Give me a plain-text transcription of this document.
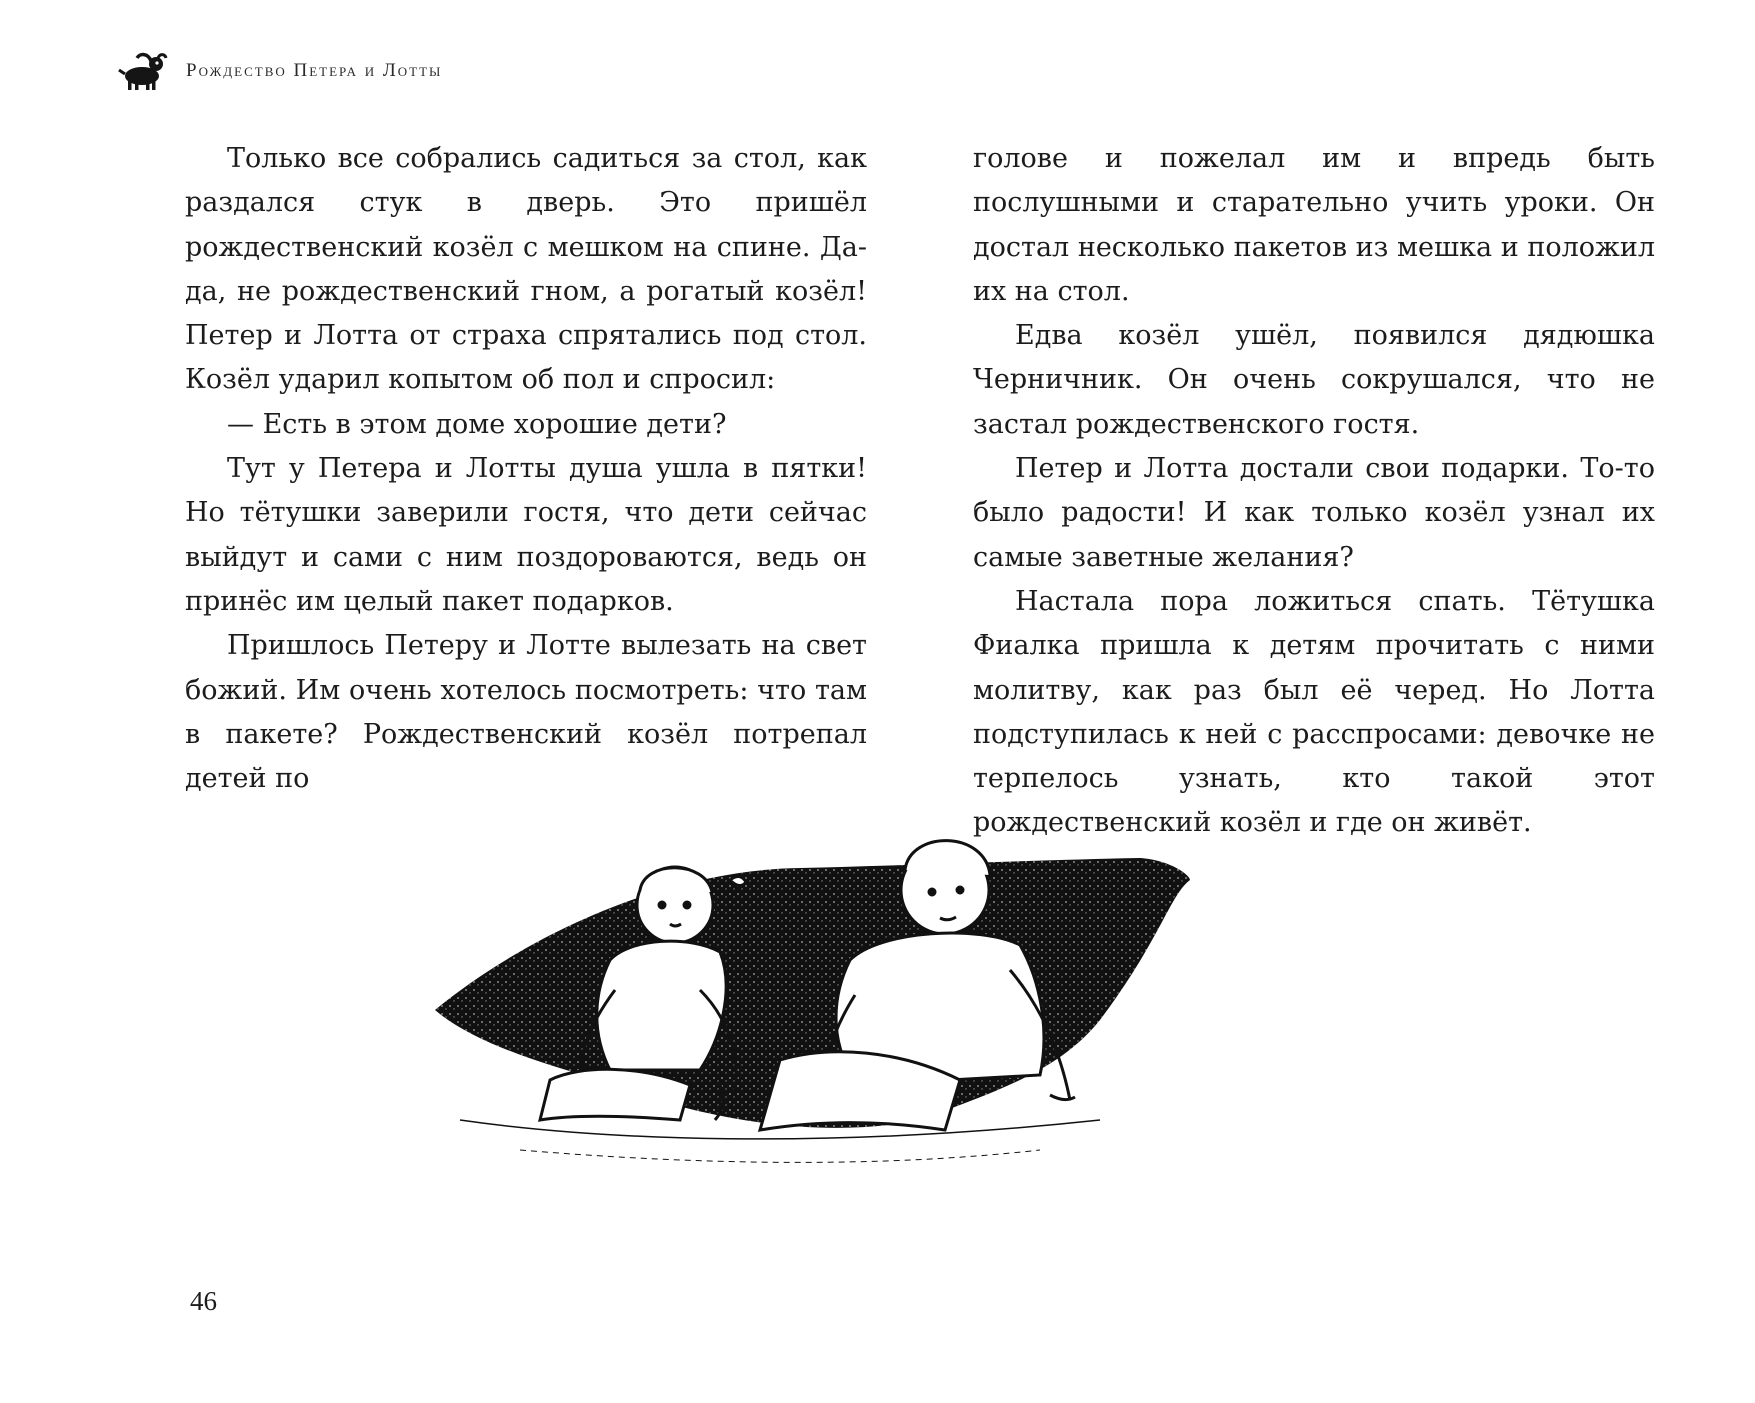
Рождество Петера и Лотты

Только все собрались садиться за стол, как раздался стук в дверь. Это пришёл рождественский козёл с мешком на спине. Да-да, не рождественский гном, а рогатый козёл! Петер и Лотта от страха спрятались под стол. Козёл ударил копытом об пол и спросил:

— Есть в этом доме хорошие дети?

Тут у Петера и Лотты душа ушла в пятки! Но тётушки заверили гостя, что дети сейчас выйдут и сами с ним поздороваются, ведь он принёс им целый пакет подарков.

Пришлось Петеру и Лотте вылезать на свет божий. Им очень хотелось посмотреть: что там в пакете? Рождественский козёл потрепал детей по

голове и пожелал им и впредь быть послушными и старательно учить уроки. Он достал несколько пакетов из мешка и положил их на стол.

Едва козёл ушёл, появился дядюшка Черничник. Он очень сокрушался, что не застал рождественского гостя.

Петер и Лотта достали свои подарки. То-то было радости! И как только козёл узнал их самые заветные желания?

Настала пора ложиться спать. Тётушка Фиалка пришла к детям прочитать с ними молитву, как раз был её черед. Но Лотта подступилась к ней с расспросами: девочке не терпелось узнать, кто такой этот рождественский козёл и где он живёт.

46
